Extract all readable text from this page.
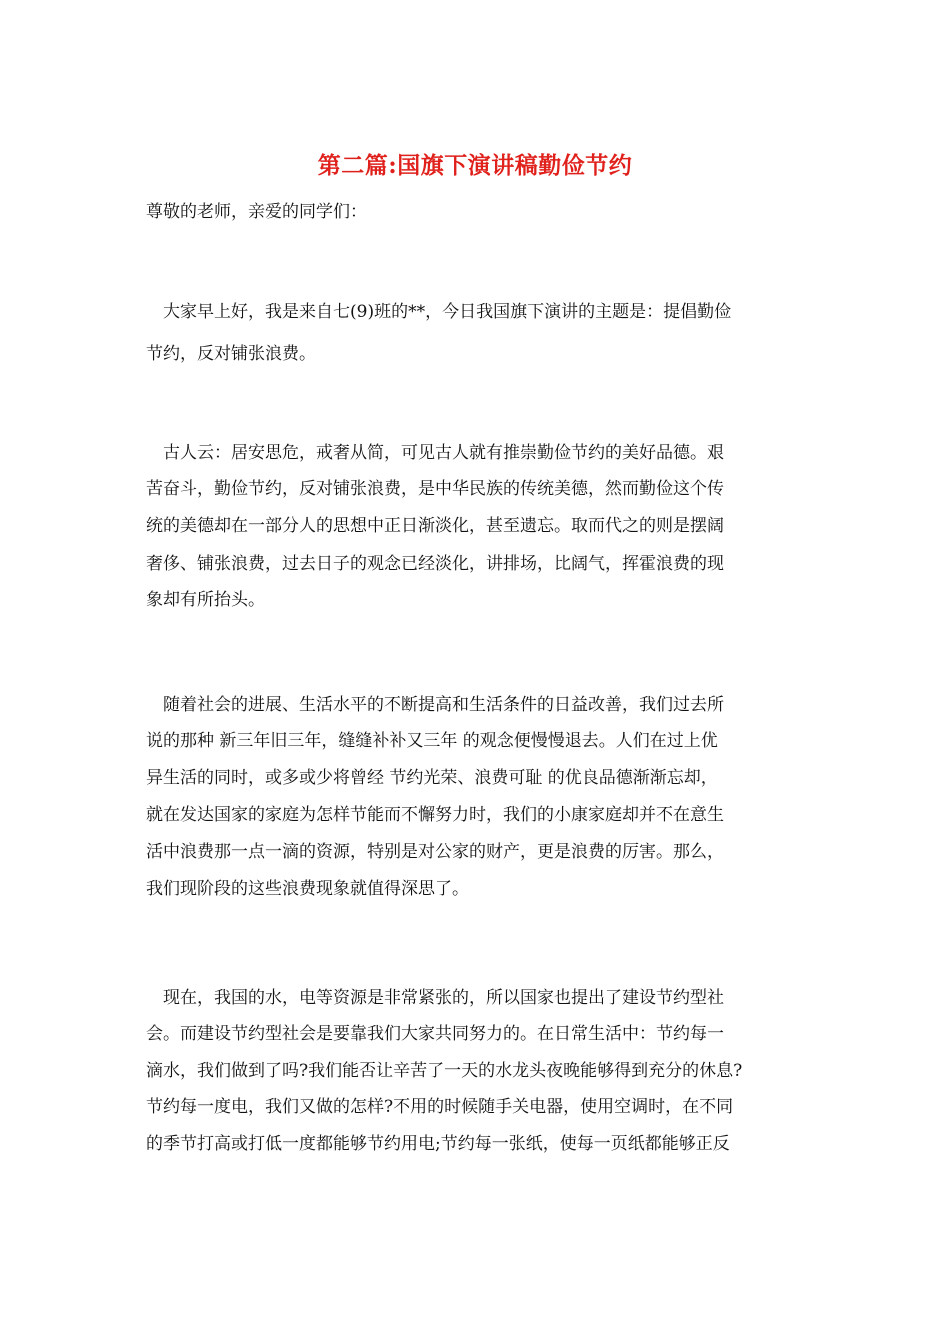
第二篇:国旗下演讲稿勤俭节约

尊敬的老师，亲爱的同学们：

大家早上好，我是来自七(9)班的**，今日我国旗下演讲的主题是：提倡勤俭

节约，反对铺张浪费。

古人云：居安思危，戒奢从简，可见古人就有推崇勤俭节约的美好品德。艰

苦奋斗，勤俭节约，反对铺张浪费，是中华民族的传统美德，然而勤俭这个传

统的美德却在一部分人的思想中正日渐淡化，甚至遗忘。取而代之的则是摆阔

奢侈、铺张浪费，过去日子的观念已经淡化，讲排场，比阔气，挥霍浪费的现

象却有所抬头。

随着社会的进展、生活水平的不断提高和生活条件的日益改善，我们过去所

说的那种 新三年旧三年，缝缝补补又三年 的观念便慢慢退去。人们在过上优

异生活的同时，或多或少将曾经 节约光荣、浪费可耻 的优良品德渐渐忘却，

就在发达国家的家庭为怎样节能而不懈努力时，我们的小康家庭却并不在意生

活中浪费那一点一滴的资源，特别是对公家的财产，更是浪费的厉害。那么，

我们现阶段的这些浪费现象就值得深思了。

现在，我国的水，电等资源是非常紧张的，所以国家也提出了建设节约型社

会。而建设节约型社会是要靠我们大家共同努力的。在日常生活中：节约每一

滴水，我们做到了吗?我们能否让辛苦了一天的水龙头夜晚能够得到充分的休息?

节约每一度电，我们又做的怎样?不用的时候随手关电器，使用空调时，在不同

的季节打高或打低一度都能够节约用电;节约每一张纸，使每一页纸都能够正反
